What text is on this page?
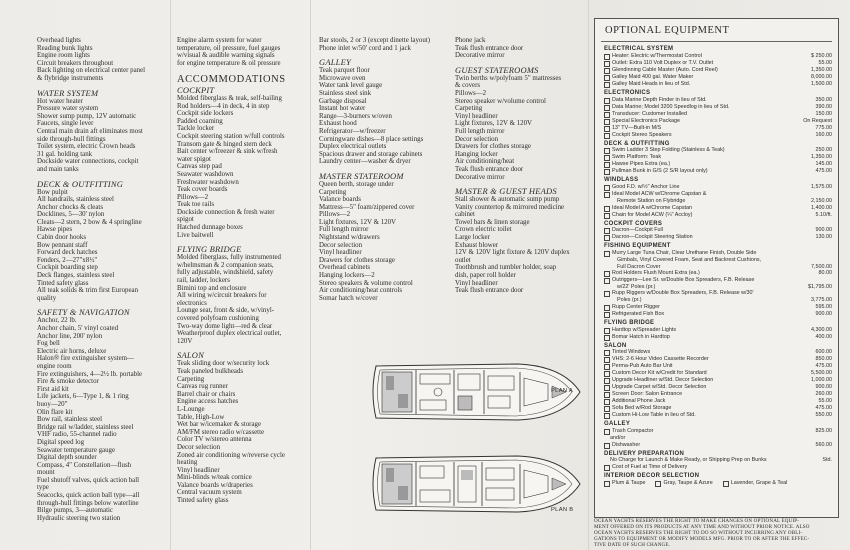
Overhead lights
Reading bunk lights
Engine room lights
Circuit breakers throughout
Back lighting on electrical center panel
& flybridge instruments
WATER SYSTEM
Hot water heater
Pressure water system
Shower sump pump, 12V automatic
Faucets, single lever
Central main drain aft eliminates most
side through-hull fittings
Toilet system, electric Crown heads
31 gal. holding tank
Dockside water connections, cockpit
and main tanks
DECK & OUTFITTING
Bow pulpit
All handrails, stainless steel
Anchor chocks & cleats
Docklines, 5—30' nylon
Cleats—2 stern, 2 bow & 4 springline
Hawse pipes
Cabin door hooks
Bow pennant staff
Forward deck hatches
Fenders, 2—27"x8½"
Cockpit boarding step
Deck flanges, stainless steel
Tinted safety glass
All teak solids & trim first European
quality
SAFETY & NAVIGATION
Anchor, 22 lb.
Anchor chain, 5' vinyl coated
Anchor line, 200' nylon
Fog bell
Electric air horns, deluxe
Halon® fire extinguisher system—
engine room
Fire extinguishers, 4—2½ lb. portable
Fire & smoke detector
First aid kit
Life jackets, 6—Type 1, & 1 ring
buoy—20"
Olin flare kit
Bow rail, stainless steel
Bridge rail w/ladder, stainless steel
VHF radio, 55-channel radio
Digital speed log
Seawater temperature gauge
Digital depth sounder
Compass, 4" Constellation—flush
mount
Fuel shutoff valves, quick action ball
type
Seacocks, quick action ball type—all
through-hull fittings below waterline
Bilge pumps, 3—automatic
Hydraulic steering two station
Engine alarm system for water
temperature, oil pressure, fuel gauges
w/visual & audible warning signals
for engine temperature & oil pressure
ACCOMMODATIONS
COCKPIT
Molded fiberglass & teak, self-bailing
Rod holders—4 in deck, 4 in step
Cockpit side lockers
Padded coaming
Tackle locker
Cockpit steering station w/full controls
Transom gate & hinged stern deck
Bait center w/freezer & sink w/fresh
water spigot
Canvas step pad
Seawater washdown
Freshwater washdown
Teak cover boards
Pillows—2
Teak toe rails
Dockside connection & fresh water
spigot
Hatched dunnage boxes
Live baitwell
FLYING BRIDGE
Molded fiberglass, fully instrumented
w/helmsman & 2 companion seats,
fully adjustable, windshield, safety
rail, ladder, lockers
Bimini top and enclosure
All wiring w/circuit breakers for
electronics
Lounge seat, front & side, w/vinyl-
covered polyfoam cushioning
Two-way dome light—red & clear
Weatherproof duplex electrical outlet,
120V
SALON
Teak sliding door w/security lock
Teak paneled bulkheads
Carpeting
Canvas rug runner
Barrel chair or chairs
Engine access hatches
L-Lounge
Table, High-Low
Wet bar w/icemaker & storage
AM/FM stereo radio w/cassette
Color TV w/stereo antenna
Decor selection
Zoned air conditioning w/reverse cycle
heating
Vinyl headliner
Mini-blinds w/teak cornice
Valance boards w/draperies
Central vacuum system
Tinted safety glass
Bar stools, 2 or 3 (except dinette layout)
Phone inlet w/50' cord and 1 jack
GALLEY
Teak parquet floor
Microwave oven
Water tank level gauge
Stainless steel sink
Garbage disposal
Instant hot water
Range—3-burners w/oven
Exhaust hood
Refrigerator—w/freezer
Corningware dishes—8 place settings
Duplex electrical outlets
Spacious drawer and storage cabinets
Laundry center—washer & dryer
MASTER STATEROOM
Queen berth, storage under
Carpeting
Valance boards
Mattress—5" foam/zippered cover
Pillows—2
Light fixtures, 12V & 120V
Full length mirror
Nightstand w/drawers
Decor selection
Vinyl headliner
Drawers for clothes storage
Overhead cabinets
Hanging lockers—2
Stereo speakers & volume control
Air conditioning/heat controls
Somar hatch w/cover
Phone jack
Teak flush entrance door
Decorative mirror
GUEST STATEROOMS
Twin berths w/polyfoam 5" mattresses
& covers
Pillows—2
Stereo speaker w/volume control
Carpeting
Vinyl headliner
Light fixtures, 12V & 120V
Full length mirror
Decor selection
Drawers for clothes storage
Hanging locker
Air conditioning/heat
Teak flush entrance door
Decorative mirror
MASTER & GUEST HEADS
Stall shower & automatic sump pump
Vanity countertop & mirrored medicine
cabinet
Towel bars & linen storage
Crown electric toilet
Large locker
Exhaust blower
12V & 120V light fixture & 120V duplex
outlet
Toothbrush and tumbler holder, soap
dish, paper roll holder
Vinyl headliner
Teak flush entrance door
PLAN A
PLAN B
OPTIONAL EQUIPMENT
ELECTRICAL SYSTEM
Heater: Electric w/Thermostat Control	$ 250.00
Outlet: Extra 110 Volt Duplex or T.V. Outlet	55.00
Glendinning Cable Master (Auto. Cord Reel)	1,350.00
Galley Maid 400 gal. Water Maker	8,000.00
Galley Maid Heads in lieu of Std.	1,500.00
ELECTRONICS
Data Marine Depth Finder in lieu of Std.	350.00
Data Marine; Model 3200 Speedlog in lieu of Std.	390.00
Transducer: Customer Installed	150.00
Special Electronics Package	On Request
13" TV—Built-in M/S	775.00
Cockpit Stereo Speakers	160.00
DECK & OUTFITTING
Swim Ladder 3 Step Folding (Stainless & Teak)	250.00
Swim Platform: Teak	1,350.00
Hawse Pipes Extra (ea.)	145.00
Pullman Bunk in G/S (2 S/R layout only)	475.00
WINDLASS
Good F.D. w/½" Anchor Line	1,575.00
Ideal Model ACW w/Chrome Capstan &
Remote Station on Flybridge	2,150.00
Ideal Model A w/Chrome Capstan	1,400.00
Chain for Model ACW (¼" Accloy)	5.10/ft.
COCKPIT COVERS
Dacron—Cockpit Full	900.00
Dacron—Cockpit Steering Station	130.00
FISHING EQUIPMENT
Murry Large Tuna Chair, Clear Urethane Finish, Double Side
Gimbals, Vinyl Covered Foam, Seat and Backrest Cushions,
Full Dacron Cover	7,500.00
Rod Holders Flush Mount Extra (ea.)	80.00
Outriggers—Lee Sr. w/Double Box Spreaders, F.B. Release
w/22' Poles (pr.)	$1,795.00
Rupp Riggers w/Double Box Spreaders, F.B. Release w/30'
Poles (pr.)	3,775.00
Rupp Center Rigger	595.00
Refrigerated Fish Box	900.00
FLYING BRIDGE
Hardtop w/Spreader Lights	4,300.00
Bomar Hatch in Hardtop	400.00
SALON
Tinted Windows	600.00
VHS: 2-6 Hour Video Cassette Recorder	850.00
Perma-Pub Auto Bar Unit	475.00
Custom Decor Kit w/Credit for Standard	5,500.00
Upgrade Headliner w/Std. Decor Selection	1,000.00
Upgrade Carpet w/Std. Decor Selection	900.00
Screen Door: Salon Entrance	260.00
Additional Phone Jack	55.00
Sofa Bed w/Rod Storage	475.00
Custom Hi-Low Table in lieu of Std.	550.00
GALLEY
Trash Compactor	825.00
and/or
Dishwasher	560.00
DELIVERY PREPARATION
No Charge for Launch & Make Ready, or Shipping Prep on Bunks	Std.
Cost of Fuel at Time of Delivery
INTERIOR DECOR SELECTION
Plum & Taupe	Gray, Taupe & Azure	Lavender, Grape & Teal
OCEAN YACHTS RESERVES THE RIGHT TO MAKE CHANGES ON OPTIONAL EQUIP-
MENT OFFERED ON ITS PRODUCTS AT ANY TIME AND WITHOUT PRIOR NOTICE. ALSO
OCEAN YACHTS RESERVES THE RIGHT TO DO SO WITHOUT INCURRING ANY OBLI-
GATIONS TO EQUIPMENT OR MODIFY MODELS MFG. PRIOR TO OR AFTER THE EFFEC-
TIVE DATE OF SUCH CHANGE.
